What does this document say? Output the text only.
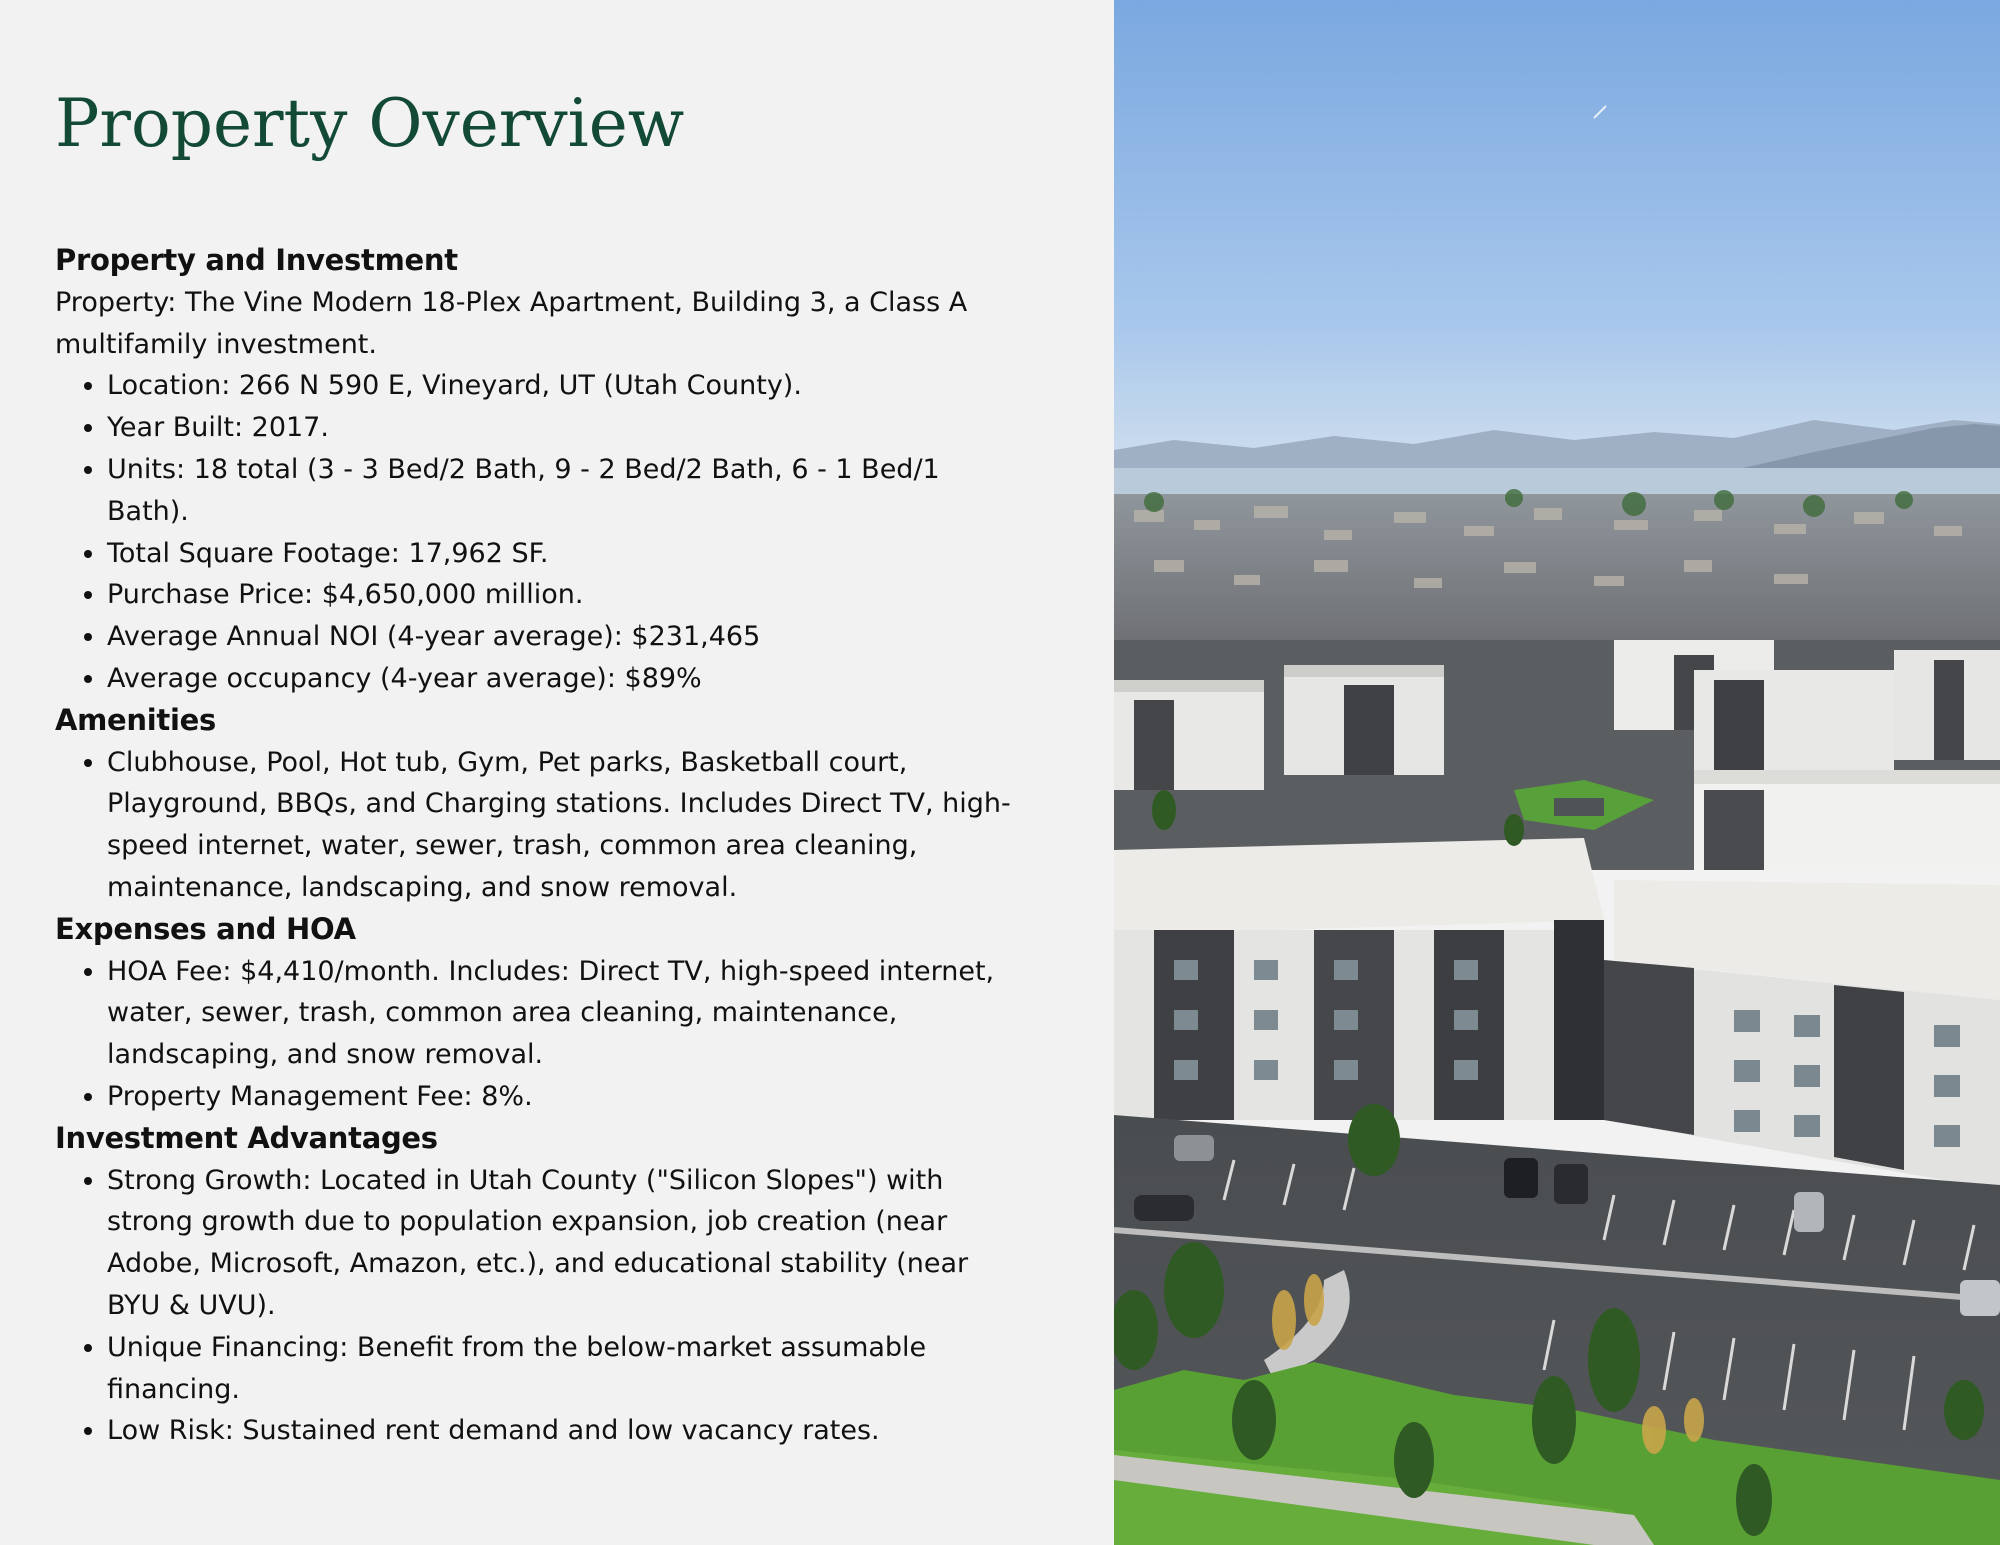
Property Overview

Property and Investment

Property: The Vine Modern 18-Plex Apartment, Building 3, a Class A multifamily investment.

• Location: 266 N 590 E, Vineyard, UT (Utah County).
• Year Built: 2017.
• Units: 18 total (3 - 3 Bed/2 Bath, 9 - 2 Bed/2 Bath, 6 - 1 Bed/1 Bath).
• Total Square Footage: 17,962 SF.
• Purchase Price: $4,650,000 million.
• Average Annual NOI (4-year average): $231,465
• Average occupancy (4-year average): $89%

Amenities

• Clubhouse, Pool, Hot tub, Gym, Pet parks, Basketball court, Playground, BBQs, and Charging stations. Includes Direct TV, high-speed internet, water, sewer, trash, common area cleaning, maintenance, landscaping, and snow removal.

Expenses and HOA

• HOA Fee: $4,410/month. Includes: Direct TV, high-speed internet, water, sewer, trash, common area cleaning, maintenance, landscaping, and snow removal.
• Property Management Fee: 8%.

Investment Advantages

• Strong Growth: Located in Utah County ("Silicon Slopes") with strong growth due to population expansion, job creation (near Adobe, Microsoft, Amazon, etc.), and educational stability (near BYU & UVU).
• Unique Financing: Benefit from the below-market assumable financing.
• Low Risk: Sustained rent demand and low vacancy rates.
